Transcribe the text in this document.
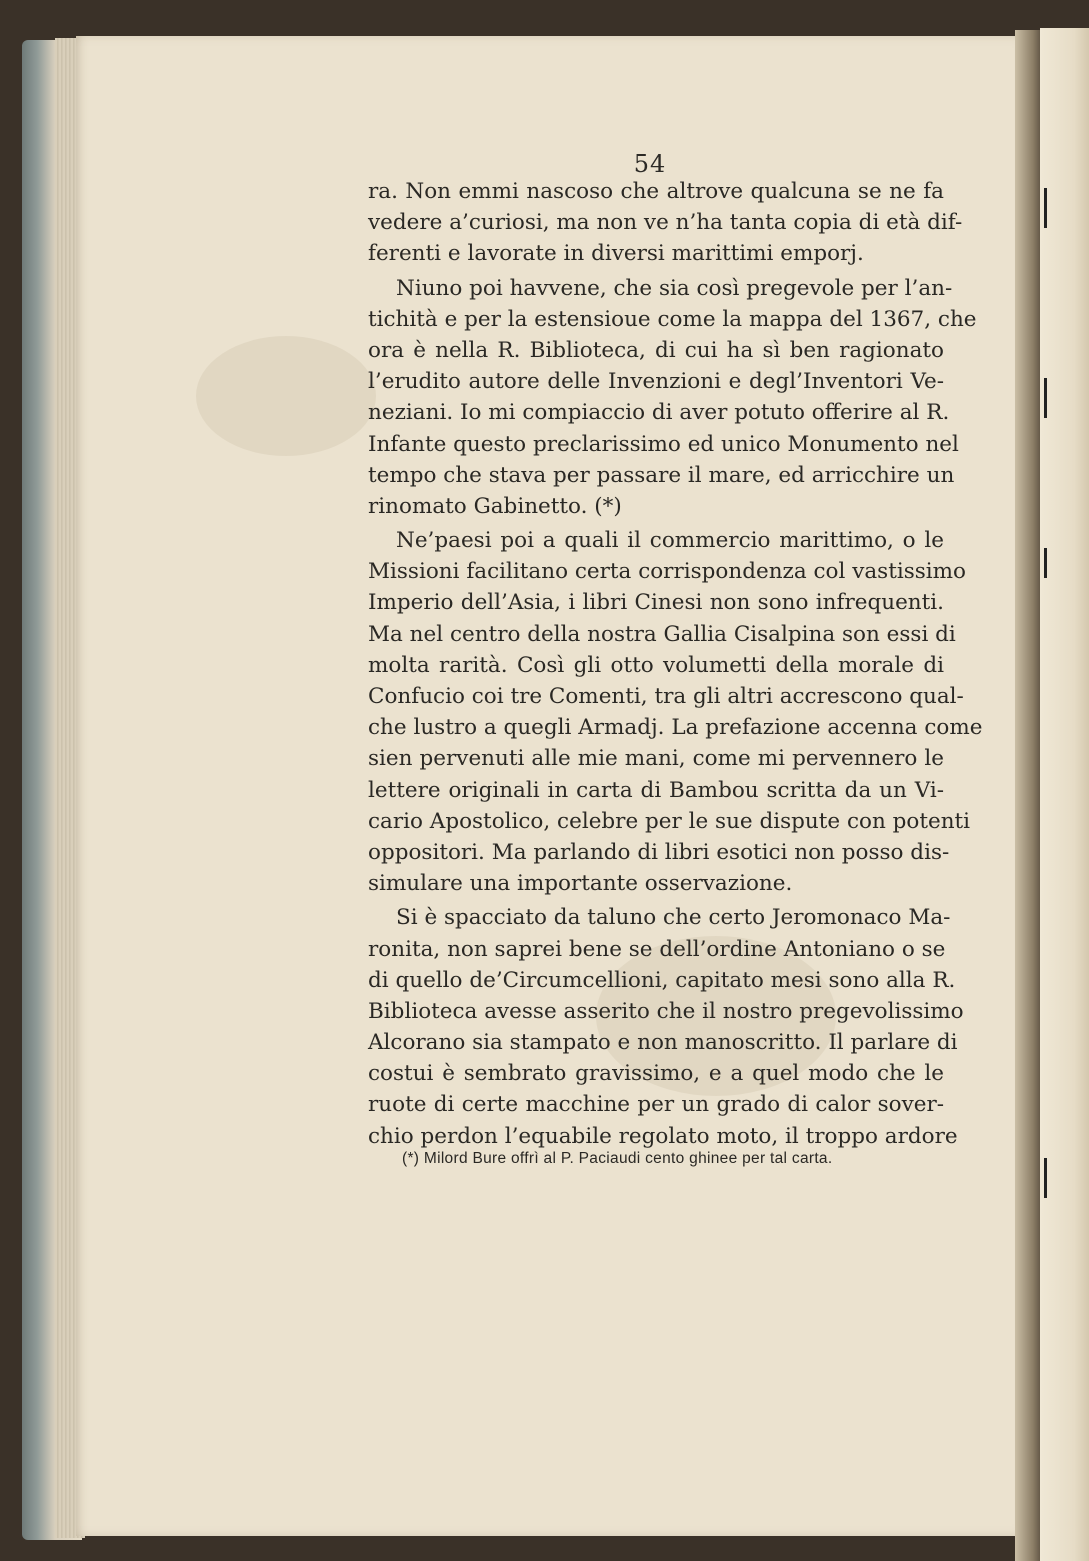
54
ra. Non emmi nascoso che altrove qualcuna se ne fa
vedere a’curiosi, ma non ve n’ha tanta copia di età dif-
ferenti e lavorate in diversi marittimi emporj.
Niuno poi havvene, che sia così pregevole per l’an-
tichità e per la estensioue come la mappa del 1367, che
ora è nella R. Biblioteca, di cui ha sì ben ragionato
l’erudito autore delle Invenzioni e degl’Inventori Ve-
neziani. Io mi compiaccio di aver potuto offerire al R.
Infante questo preclarissimo ed unico Monumento nel
tempo che stava per passare il mare, ed arricchire un
rinomato Gabinetto. (*)
Ne’paesi poi a quali il commercio marittimo, o le
Missioni facilitano certa corrispondenza col vastissimo
Imperio dell’Asia, i libri Cinesi non sono infrequenti.
Ma nel centro della nostra Gallia Cisalpina son essi di
molta rarità. Così gli otto volumetti della morale di
Confucio coi tre Comenti, tra gli altri accrescono qual-
che lustro a quegli Armadj. La prefazione accenna come
sien pervenuti alle mie mani, come mi pervennero le
lettere originali in carta di Bambou scritta da un Vi-
cario Apostolico, celebre per le sue dispute con potenti
oppositori. Ma parlando di libri esotici non posso dis-
simulare una importante osservazione.
Si è spacciato da taluno che certo Jeromonaco Ma-
ronita, non saprei bene se dell’ordine Antoniano o se
di quello de’Circumcellioni, capitato mesi sono alla R.
Biblioteca avesse asserito che il nostro pregevolissimo
Alcorano sia stampato e non manoscritto. Il parlare di
costui è sembrato gravissimo, e a quel modo che le
ruote di certe macchine per un grado di calor sover-
chio perdon l’equabile regolato moto, il troppo ardore
(*) Milord Bure offrì al P. Paciaudi cento ghinee per tal carta.
